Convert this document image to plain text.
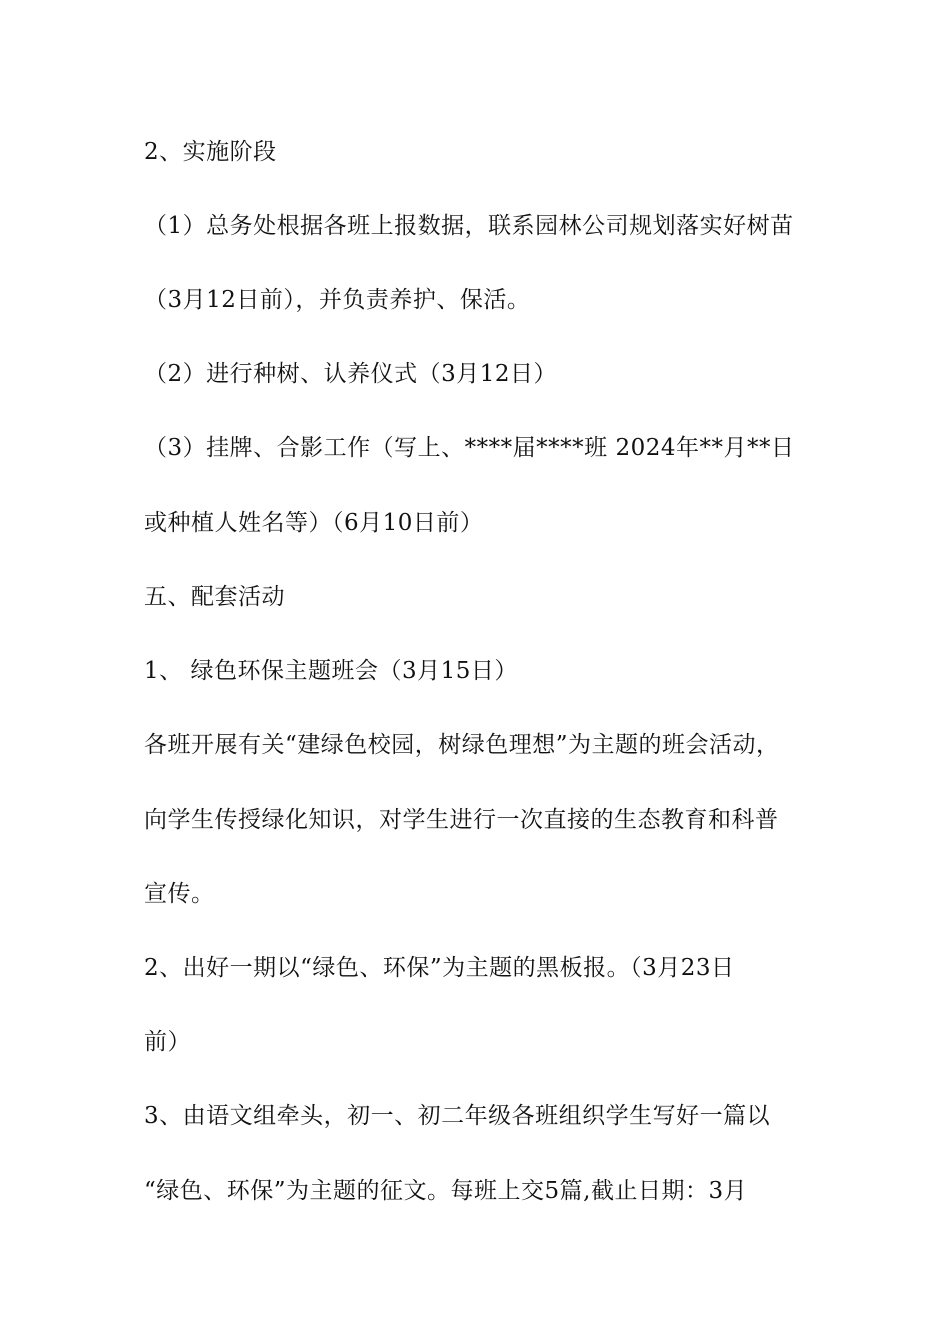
2、实施阶段
（1）总务处根据各班上报数据，联系园林公司规划落实好树苗
（3月12日前），并负责养护、保活。
（2）进行种树、认养仪式（3月12日）
（3）挂牌、合影工作（写上、****届****班 2024年**月**日
或种植人姓名等）（6月10日前）
五、配套活动
1、 绿色环保主题班会（3月15日）
各班开展有关“建绿色校园，树绿色理想”为主题的班会活动，
向学生传授绿化知识，对学生进行一次直接的生态教育和科普
宣传。
2、出好一期以“绿色、环保”为主题的黑板报。（3月23日
前）
3、由语文组牵头，初一、初二年级各班组织学生写好一篇以
“绿色、环保”为主题的征文。每班上交5篇,截止日期：3月
